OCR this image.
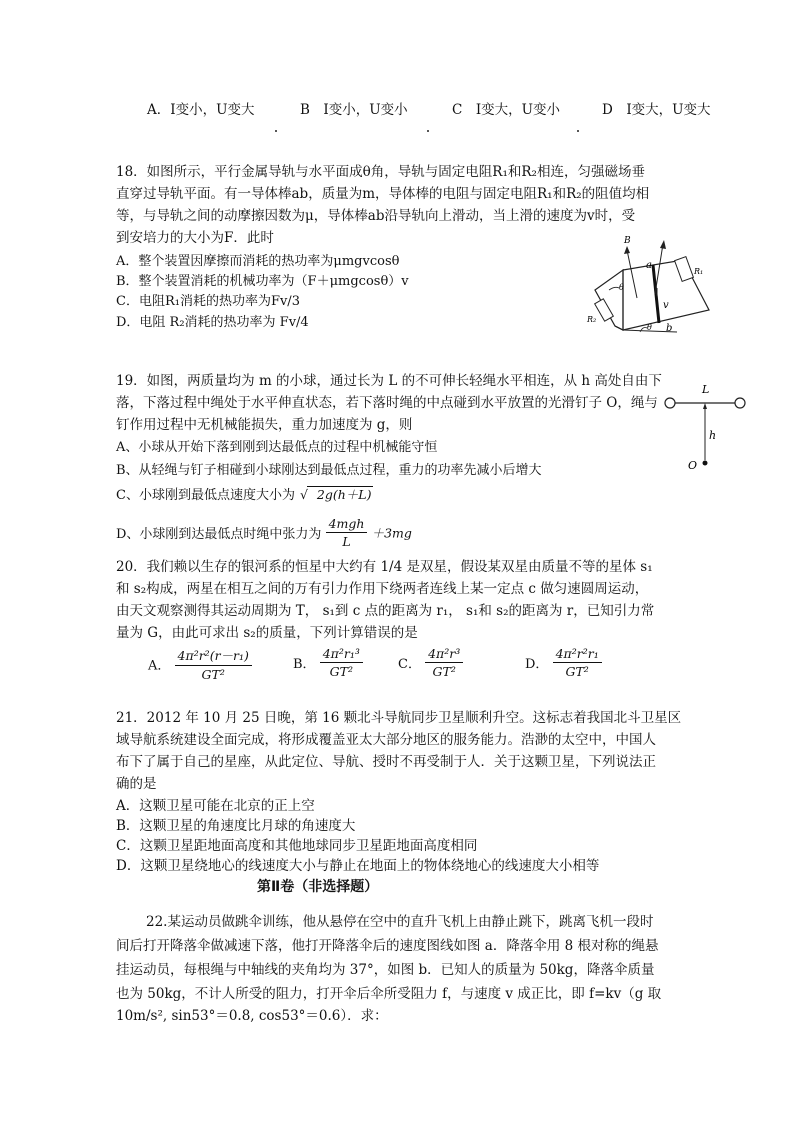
A．I变小，U变大	B　I变小，U变小	C　I变大，U变小	D　I变大，U变大
18．如图所示，平行金属导轨与水平面成θ角，导轨与固定电阻R₁和R₂相连，匀强磁场垂
直穿过导轨平面。有一导体棒ab，质量为m，导体棒的电阻与固定电阻R₁和R₂的阻值均相
等，与导轨之间的动摩擦因数为μ，导体棒ab沿导轨向上滑动，当上滑的速度为v时，受
到安培力的大小为F．此时
A．整个装置因摩擦而消耗的热功率为μmgvcosθ
B．整个装置消耗的机械功率为（F＋μmgcosθ）v
C．电阻R₁消耗的热功率为Fv/3
D．电阻 R₂消耗的热功率为 Fv/4
B
a
v
b
R₁
R₂
θ
θ
19．如图，两质量均为 m 的小球，通过长为 L 的不可伸长轻绳水平相连，从 h 高处自由下
落，下落过程中绳处于水平伸直状态，若下落时绳的中点碰到水平放置的光滑钉子 O，绳与
钉作用过程中无机械能损失，重力加速度为 g，则
A、小球从开始下落到刚到达最低点的过程中机械能守恒
B、从轻绳与钉子相碰到小球刚达到最低点过程，重力的功率先减小后增大
C、小球刚到最低点速度大小为 √ 2g(h＋L)
D、小球刚到达最低点时绳中张力为 $\frac{\text{4mgh}}{L} +3mg$
L
h
O
20．我们赖以生存的银河系的恒星中大约有 1/4 是双星，假设某双星由质量不等的星体 s₁
和 s₂构成，两星在相互之间的万有引力作用下绕两者连线上某一定点 c 做匀速圆周运动，
由天文观察测得其运动周期为 T， s₁到 c 点的距离为 r₁， s₁和 s₂的距离为 r，已知引力常
量为 G，由此可求出 s₂的质量，下列计算错误的是
A． $\frac{\text{4π²r²(r－r₁)}}{\text{GT²}}$	B． $\frac{\text{4π²r₁³}}{\text{GT²}}$	C． $\frac{\text{4π²r³}}{\text{GT²}}$	D． $\frac{\text{4π²r²r₁}}{\text{GT²}}$
21．2012 年 10 月 25 日晚，第 16 颗北斗导航同步卫星顺利升空。这标志着我国北斗卫星区
域导航系统建设全面完成，将形成覆盖亚太大部分地区的服务能力。浩渺的太空中，中国人
布下了属于自己的星座，从此定位、导航、授时不再受制于人．关于这颗卫星，下列说法正
确的是
A．这颗卫星可能在北京的正上空
B．这颗卫星的角速度比月球的角速度大
C．这颗卫星距地面高度和其他地球同步卫星距地面高度相同
D．这颗卫星绕地心的线速度大小与静止在地面上的物体绕地心的线速度大小相等
第Ⅱ卷（非选择题）
22.某运动员做跳伞训练，他从悬停在空中的直升飞机上由静止跳下，跳离飞机一段时
间后打开降落伞做减速下落，他打开降落伞后的速度图线如图 a．降落伞用 8 根对称的绳悬
挂运动员，每根绳与中轴线的夹角均为 37°，如图 b．已知人的质量为 50kg，降落伞质量
也为 50kg，不计人所受的阻力，打开伞后伞所受阻力 f，与速度 v 成正比，即 f=kv（g 取
10m/s², sin53°＝0.8, cos53°＝0.6）．求：
